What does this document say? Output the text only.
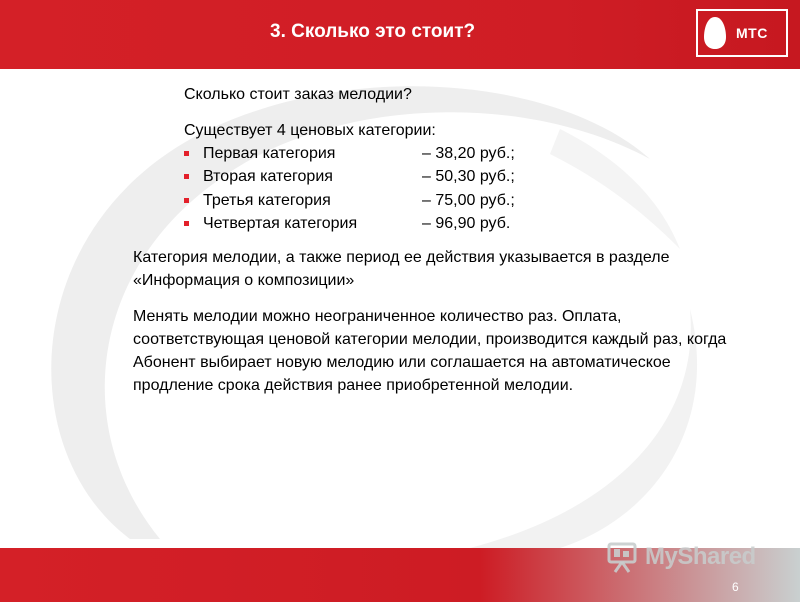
3. Сколько это стоит?	МТС
Сколько стоит заказ мелодии?
Существует 4 ценовых категории:
Первая категория	– 38,20 руб.;
Вторая категория	– 50,30 руб.;
Третья категория	– 75,00 руб.;
Четвертая категория	– 96,90 руб.
Категория мелодии, а также период ее действия указывается в разделе «Информация о композиции»
Менять мелодии можно неограниченное количество раз. Оплата, соответствующая ценовой категории мелодии, производится каждый раз, когда Абонент выбирает новую мелодию или соглашается на автоматическое продление срока действия ранее приобретенной мелодии.
MyShared
6
